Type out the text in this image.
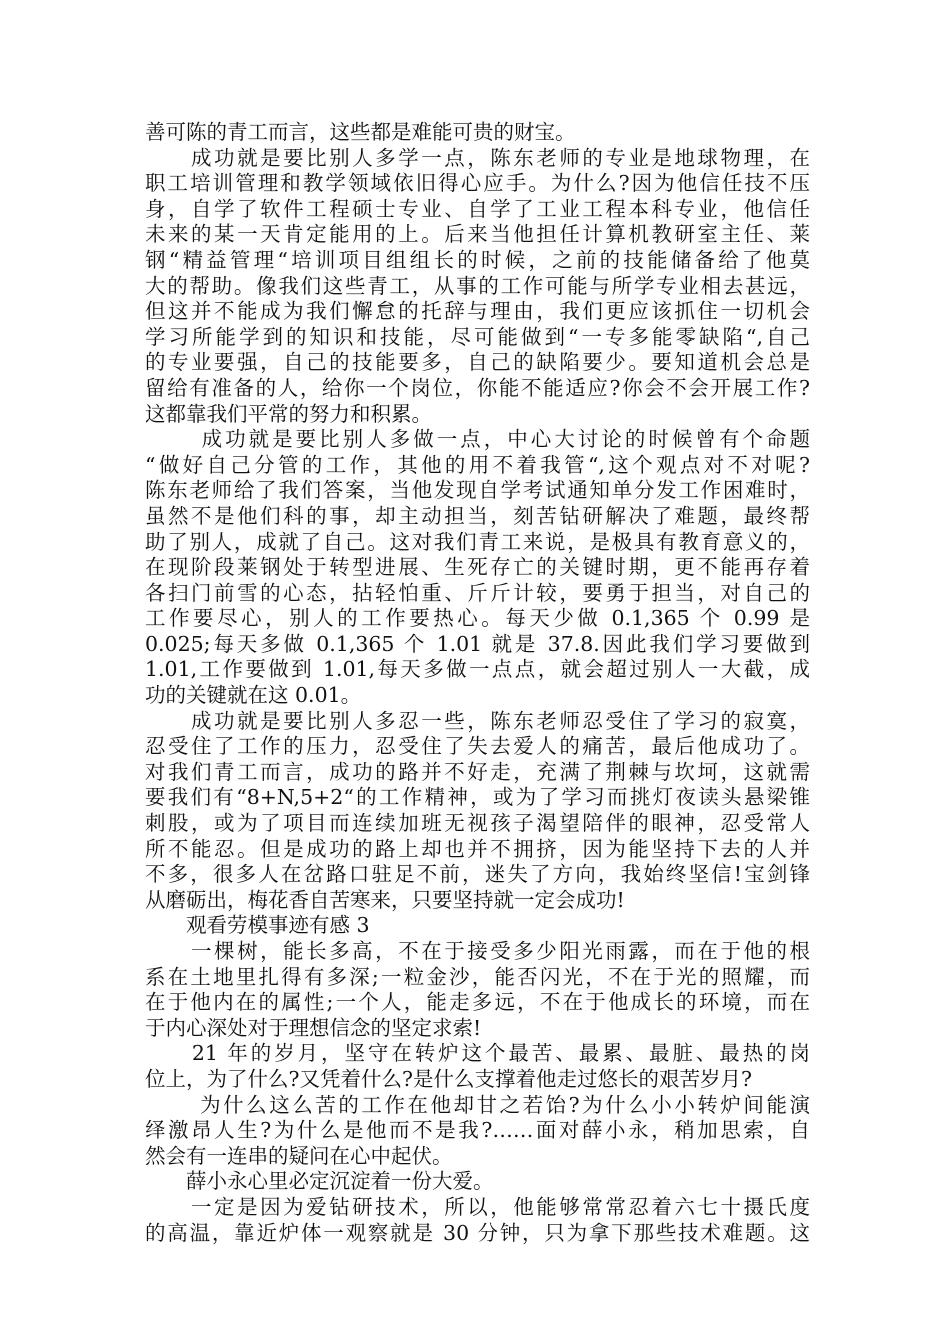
善可陈的青工而言，这些都是难能可贵的财宝。
　　成功就是要比别人多学一点，陈东老师的专业是地球物理，在
职工培训管理和教学领域依旧得心应手。为什么?因为他信任技不压
身，自学了软件工程硕士专业、自学了工业工程本科专业，他信任
未来的某一天肯定能用的上。后来当他担任计算机教研室主任、莱
钢“精益管理“培训项目组组长的时候，之前的技能储备给了他莫
大的帮助。像我们这些青工，从事的工作可能与所学专业相去甚远，
但这并不能成为我们懈怠的托辞与理由，我们更应该抓住一切机会
学习所能学到的知识和技能，尽可能做到“一专多能零缺陷“,自己
的专业要强，自己的技能要多，自己的缺陷要少。要知道机会总是
留给有准备的人，给你一个岗位，你能不能适应?你会不会开展工作?
这都靠我们平常的努力和积累。
　　 成功就是要比别人多做一点，中心大讨论的时候曾有个命题
“做好自己分管的工作，其他的用不着我管“,这个观点对不对呢?
陈东老师给了我们答案，当他发现自学考试通知单分发工作困难时，
虽然不是他们科的事，却主动担当，刻苦钻研解决了难题，最终帮
助了别人，成就了自己。这对我们青工来说，是极具有教育意义的，
在现阶段莱钢处于转型进展、生死存亡的关键时期，更不能再存着
各扫门前雪的心态，拈轻怕重、斤斤计较，要勇于担当，对自己的
工作要尽心，别人的工作要热心。每天少做 0.1,365 个 0.99 是
0.025;每天多做 0.1,365 个 1.01 就是 37.8.因此我们学习要做到
1.01,工作要做到 1.01,每天多做一点点，就会超过别人一大截，成
功的关键就在这 0.01。
　　成功就是要比别人多忍一些，陈东老师忍受住了学习的寂寞，
忍受住了工作的压力，忍受住了失去爱人的痛苦，最后他成功了。
对我们青工而言，成功的路并不好走，充满了荆棘与坎坷，这就需
要我们有“8+N,5+2“的工作精神，或为了学习而挑灯夜读头悬梁锥
刺股，或为了项目而连续加班无视孩子渴望陪伴的眼神，忍受常人
所不能忍。但是成功的路上却也并不拥挤，因为能坚持下去的人并
不多，很多人在岔路口驻足不前，迷失了方向，我始终坚信!宝剑锋
从磨砺出，梅花香自苦寒来，只要坚持就一定会成功!
　　观看劳模事迹有感 3
　　一棵树，能长多高，不在于接受多少阳光雨露，而在于他的根
系在土地里扎得有多深;一粒金沙，能否闪光，不在于光的照耀，而
在于他内在的属性;一个人，能走多远，不在于他成长的环境，而在
于内心深处对于理想信念的坚定求索!
　　21 年的岁月，坚守在转炉这个最苦、最累、最脏、最热的岗
位上，为了什么?又凭着什么?是什么支撑着他走过悠长的艰苦岁月?
　　 为什么这么苦的工作在他却甘之若饴?为什么小小转炉间能演
绎激昂人生?为什么是他而不是我?……面对薛小永，稍加思索，自
然会有一连串的疑问在心中起伏。
　　薛小永心里必定沉淀着一份大爱。
　　一定是因为爱钻研技术，所以，他能够常常忍着六七十摄氏度
的高温，靠近炉体一观察就是 30 分钟，只为拿下那些技术难题。这
